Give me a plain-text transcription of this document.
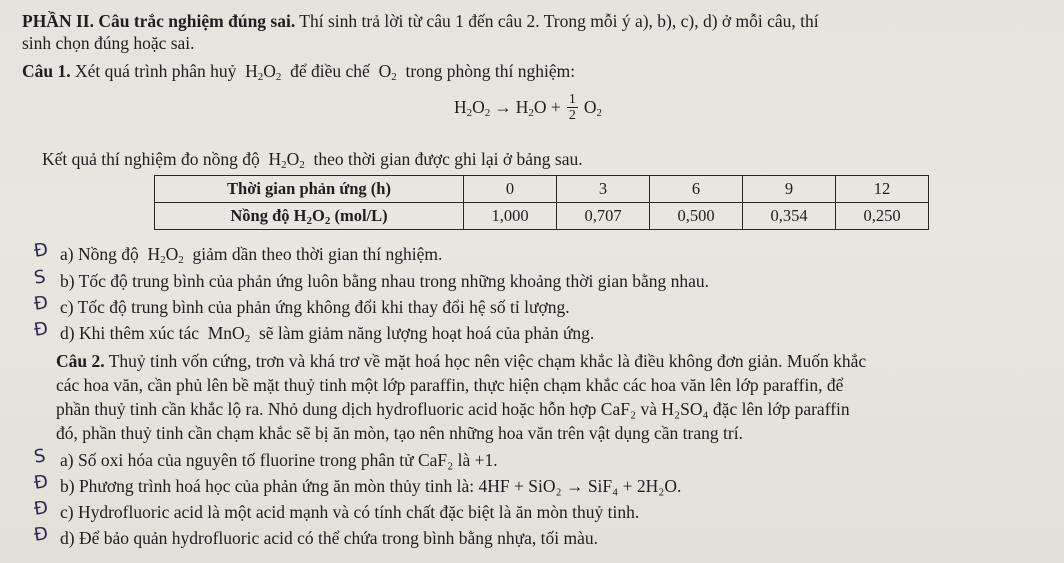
PHẦN II. Câu trắc nghiệm đúng sai. Thí sinh trả lời từ câu 1 đến câu 2. Trong mỗi ý a), b), c), d) ở mỗi câu, thí
sinh chọn đúng hoặc sai.
Câu 1. Xét quá trình phân huỷ  $H_2O_2$ để điều chế  $O_2$ trong phòng thí nghiệm:
$H_2O_2 \to H_2O + \frac{1}{2} O_2$
Kết quả thí nghiệm đo nồng độ  $H_2O_2$ theo thời gian được ghi lại ở bảng sau.
Thời gian phản ứng (h)	0	3	6	9	12
Nồng độ $H_2O_2$ (mol/L)	1,000	0,707	0,500	0,354	0,250
a) Nồng độ  $H_2O_2$ giảm dần theo thời gian thí nghiệm.
b) Tốc độ trung bình của phản ứng luôn bằng nhau trong những khoảng thời gian bằng nhau.
c) Tốc độ trung bình của phản ứng không đổi khi thay đổi hệ số tỉ lượng.
d) Khi thêm xúc tác  MnO$_2$ sẽ làm giảm năng lượng hoạt hoá của phản ứng.
Câu 2. Thuỷ tinh vốn cứng, trơn và khá trơ về mặt hoá học nên việc chạm khắc là điều không đơn giản. Muốn khắc
các hoa văn, cần phủ lên bề mặt thuỷ tinh một lớp paraffin, thực hiện chạm khắc các hoa văn lên lớp paraffin, để
phần thuỷ tinh cần khắc lộ ra. Nhỏ dung dịch hydrofluoric acid hoặc hỗn hợp CaF₂ và H₂SO₄ đặc lên lớp paraffin
đó, phần thuỷ tinh cần chạm khắc sẽ bị ăn mòn, tạo nên những hoa văn trên vật dụng cần trang trí.
a) Số oxi hóa của nguyên tố fluorine trong phân tử CaF₂ là +1.
b) Phương trình hoá học của phản ứng ăn mòn thủy tinh là: 4HF + SiO₂ → SiF₄ + 2H₂O.
c) Hydrofluoric acid là một acid mạnh và có tính chất đặc biệt là ăn mòn thuỷ tinh.
d) Để bảo quản hydrofluoric acid có thể chứa trong bình bằng nhựa, tối màu.
Đ
S
Đ
Đ
S
Đ
Đ
Đ
